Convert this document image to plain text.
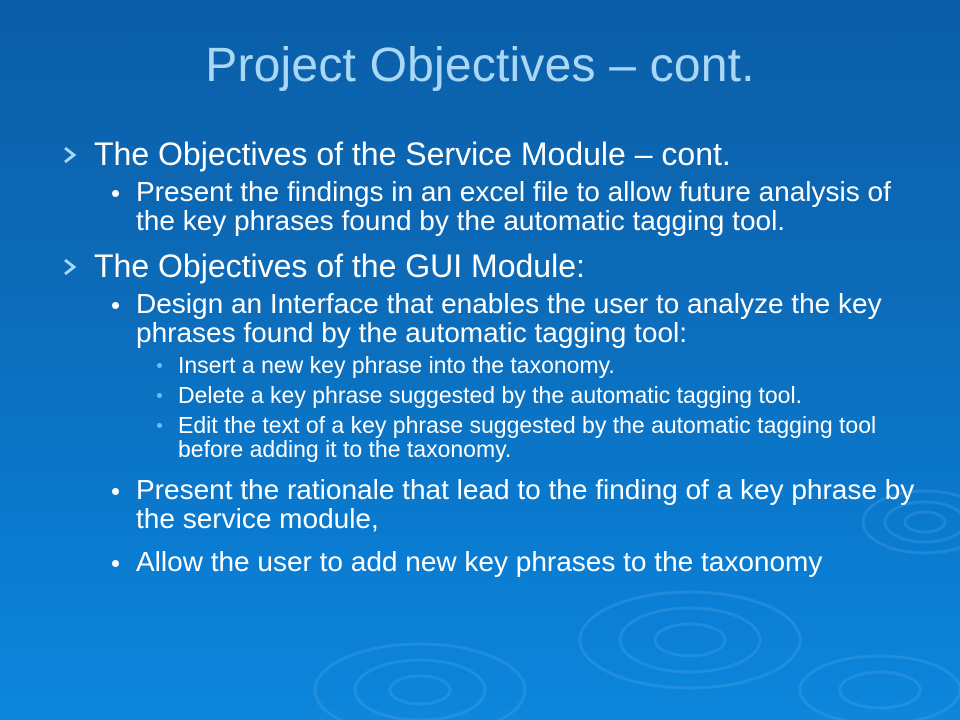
Project Objectives – cont.
The Objectives of the Service Module – cont.
Present the findings in an excel file to allow future analysis of the key phrases found by the automatic tagging tool.
The Objectives of the GUI Module:
Design an Interface that enables the user to analyze the key phrases found by the automatic tagging tool:
Insert a new key phrase into the taxonomy.
Delete a key phrase suggested by the automatic tagging tool.
Edit the text of a key phrase suggested by the automatic tagging tool before adding it to the taxonomy.
Present the rationale that lead to the finding of a key phrase by the service module,
Allow the user to add new key phrases to the taxonomy
